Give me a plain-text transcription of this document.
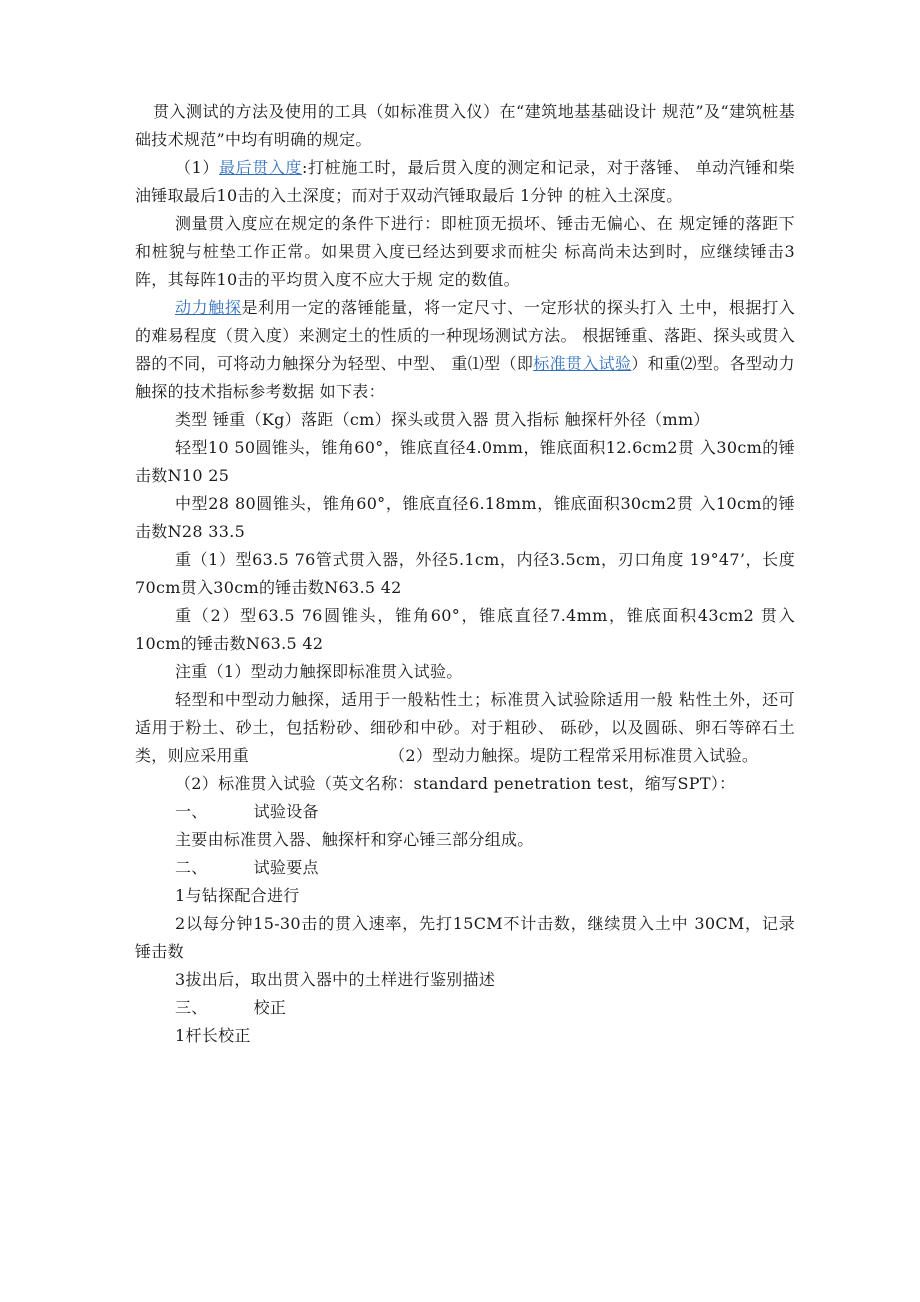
贯入测试的方法及使用的工具（如标准贯入仪）在“建筑地基基础设计 规范”及“建筑桩基础技术规范”中均有明确的规定。

（1）最后贯入度:打桩施工时，最后贯入度的测定和记录，对于落锤、 单动汽锤和柴油锤取最后10击的入土深度；而对于双动汽锤取最后 1分钟 的桩入土深度。

测量贯入度应在规定的条件下进行：即桩顶无损坏、锤击无偏心、在 规定锤的落距下和桩貌与桩垫工作正常。如果贯入度已经达到要求而桩尖 标高尚未达到时，应继续锤击3阵，其每阵10击的平均贯入度不应大于规 定的数值。

动力触探是利用一定的落锤能量，将一定尺寸、一定形状的探头打入 土中，根据打入的难易程度（贯入度）来测定土的性质的一种现场测试方法。 根据锤重、落距、探头或贯入器的不同，可将动力触探分为轻型、中型、 重⑴型（即标准贯入试验）和重⑵型。各型动力触探的技术指标参考数据 如下表：

类型 锤重（Kg）落距（cm）探头或贯入器 贯入指标 触探杆外径（mm）

轻型10 50圆锥头，锥角60°，锥底直径4.0mm，锥底面积12.6cm2贯 入30cm的锤击数N10 25

中型28 80圆锥头，锥角60°，锥底直径6.18mm，锥底面积30cm2贯 入10cm的锤击数N28 33.5

重（1）型63.5 76管式贯入器，外径5.1cm，内径3.5cm，刃口角度 19°47’，长度70cm贯入30cm的锤击数N63.5 42

重（2）型63.5 76圆锥头，锥角60°，锥底直径7.4mm，锥底面积43cm2 贯入10cm的锤击数N63.5 42

注重（1）型动力触探即标准贯入试验。

轻型和中型动力触探，适用于一般粘性土；标准贯入试验除适用一般 粘性土外，还可适用于粉土、砂土，包括粉砂、细砂和中砂。对于粗砂、 砾砂，以及圆砾、卵石等碎石土类，则应采用重	（2）型动力触探。堤防工程常采用标准贯入试验。

（2）标准贯入试验（英文名称：standard penetration test，缩写SPT）：

一、	试验设备

主要由标准贯入器、触探杆和穿心锤三部分组成。

二、	试验要点

1与钻探配合进行

2以每分钟15-30击的贯入速率，先打15CM不计击数，继续贯入土中 30CM，记录锤击数

3拔出后，取出贯入器中的土样进行鉴别描述

三、	校正

1杆长校正
